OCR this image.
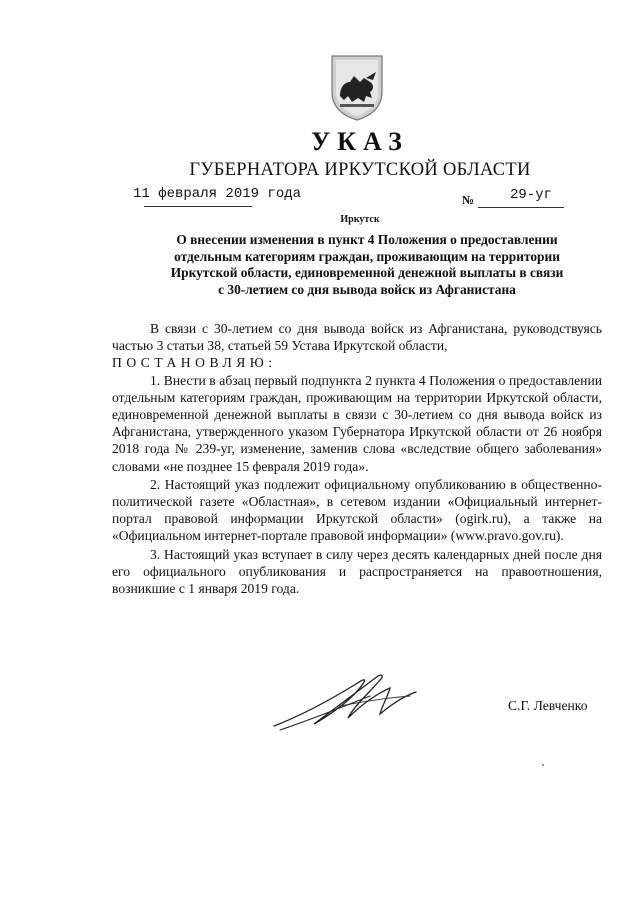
УКАЗ
ГУБЕРНАТОРА ИРКУТСКОЙ ОБЛАСТИ
11 февраля 2019 года	№	29-уг
Иркутск
О внесении изменения в пункт 4 Положения о предоставлении
отдельным категориям граждан, проживающим на территории
Иркутской области, единовременной денежной выплаты в связи
с 30-летием со дня вывода войск из Афганистана

В связи с 30-летием со дня вывода войск из Афганистана, руководствуясь частью 3 статьи 38, статьей 59 Устава Иркутской области,

ПОСТАНОВЛЯЮ:

1. Внести в абзац первый подпункта 2 пункта 4 Положения о предоставлении отдельным категориям граждан, проживающим на территории Иркутской области, единовременной денежной выплаты в связи с 30-летием со дня вывода войск из Афганистана, утвержденного указом Губернатора Иркутской области от 26 ноября 2018 года № 239-уг, изменение, заменив слова «вследствие общего заболевания» словами «не позднее 15 февраля 2019 года».

2. Настоящий указ подлежит официальному опубликованию в общественно-политической газете «Областная», в сетевом издании «Официальный интернет-портал правовой информации Иркутской области» (ogirk.ru), а также на «Официальном интернет-портале правовой информации» (www.pravo.gov.ru).

3. Настоящий указ вступает в силу через десять календарных дней после дня его официального опубликования и распространяется на правоотношения, возникшие с 1 января 2019 года.

С.Г. Левченко
